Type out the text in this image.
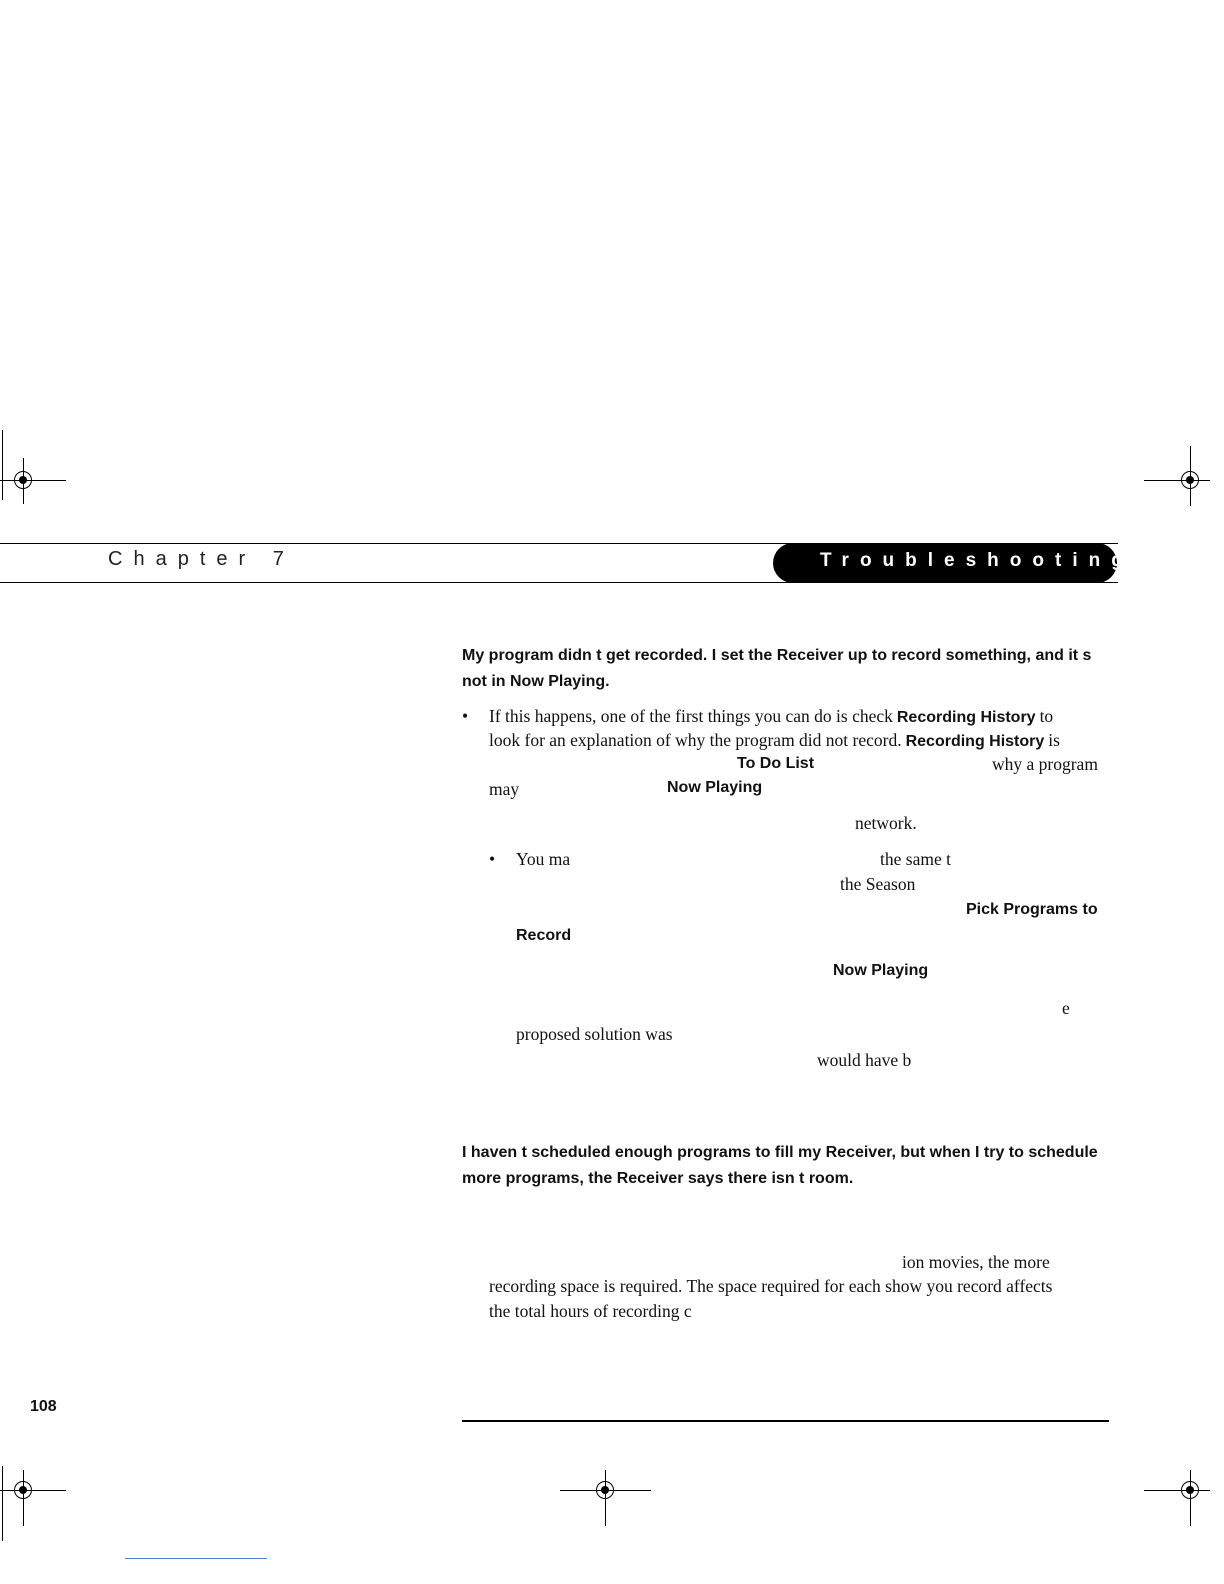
Chapter 7	Troubleshooting
My program didn t get recorded. I set the Receiver up to record something, and it s not in Now Playing.
• If this happens, one of the first things you can do is check Recording History to
look for an explanation of why the program did not record. Recording History is
To Do List	why a program
may	Now Playing
network.
• You ma	the same t
the Season
Pick Programs to
Record
Now Playing
e
proposed solution was
would have b
I haven t scheduled enough programs to fill my Receiver, but when I try to schedule more programs, the Receiver says there isn t room.
ion movies, the more
recording space is required. The space required for each show you record affects
the total hours of recording c
108
